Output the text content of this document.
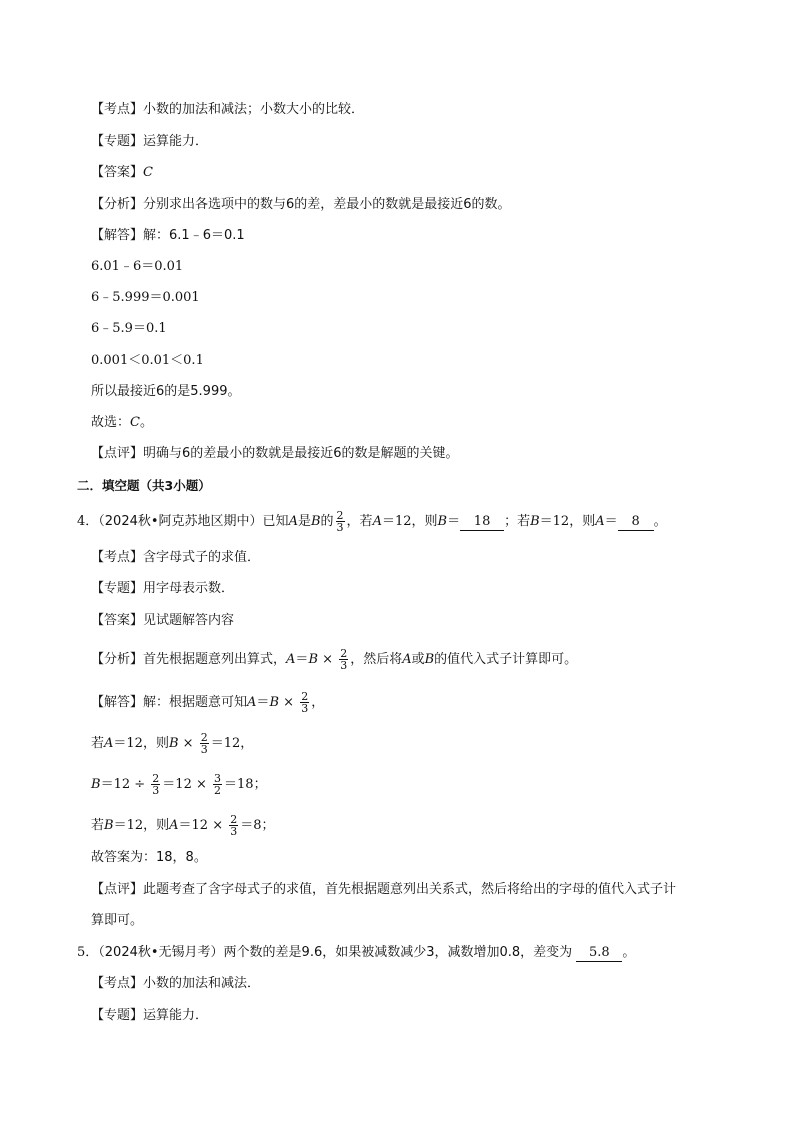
【考点】小数的加法和减法；小数大小的比较．
【专题】运算能力．
【答案】C
【分析】分别求出各选项中的数与6的差，差最小的数就是最接近6的数。
【解答】解：6.1﹣6＝0.1
6.01﹣6＝0.01
6﹣5.999＝0.001
6﹣5.9＝0.1
0.001＜0.01＜0.1
所以最接近6的是5.999。
故选：C。
【点评】明确与6的差最小的数就是最接近6的数是解题的关键。
二．填空题（共3小题）
4．（2024秋•阿克苏地区期中）已知A是B的 $\frac{2}{3}$ ，若A＝12，则B＝ 18 ；若B＝12，则A＝ 8 。
【考点】含字母式子的求值．
【专题】用字母表示数．
【答案】见试题解答内容
【分析】首先根据题意列出算式，$A=B \times \frac{2}{3}$ ，然后将A或B的值代入式子计算即可。
【解答】解：根据题意可知$A=B \times \frac{2}{3}$ ，
若A＝12，则$B \times \frac{2}{3} =12$，
$B=12 \div \frac{2}{3} =12 \times \frac{3}{2} =18$；
若B＝12，则$A=12 \times \frac{2}{3} =8$；
故答案为：18，8。
【点评】此题考查了含字母式子的求值，首先根据题意列出关系式，然后将给出的字母的值代入式子计
算即可。
5．（2024秋•无锡月考）两个数的差是9.6，如果被减数减少3，减数增加0.8，差变为 5.8 。
【考点】小数的加法和减法．
【专题】运算能力．
